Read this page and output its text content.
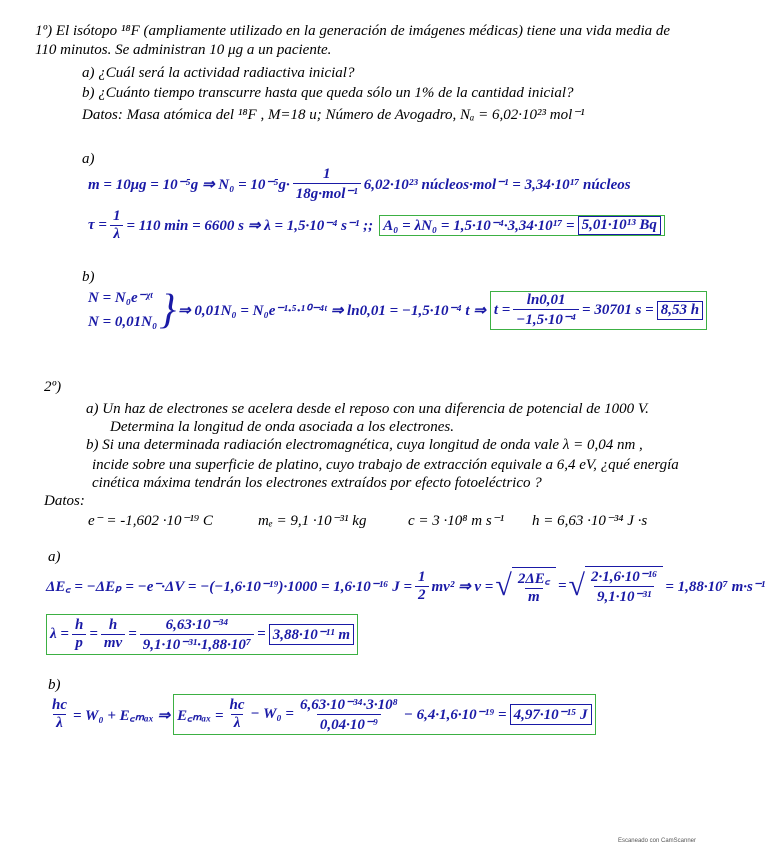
1º) El isótopo ¹⁸F (ampliamente utilizado en la generación de imágenes médicas) tiene una vida media de
110 minutos. Se administran 10 μg a un paciente.
a) ¿Cuál será la actividad radiactiva inicial?
b) ¿Cuánto tiempo transcurre hasta que queda sólo un 1% de la cantidad inicial?
Datos: Masa atómica del ¹⁸F , M=18 u; Número de Avogadro, Nₐ = 6,02·10²³ mol⁻¹
a)
m = 10μg = 10⁻⁵g ⇒ $N_0 = 10^{-5}g\cdot \frac{1}{\text{18g·mol⁻¹}} 6,02\cdot 10^{23}$ núcleos·mol⁻¹ = 3,34·10¹⁷ núcleos
$\tau = \frac{1}{\lambda} = 110$ min = 6600 s ⇒ λ = 1,5·10⁻⁴ s⁻¹ ;; A₀ = λN₀ = 1,5·10⁻⁴·3,34·10¹⁷ = 5,01·10¹³ Bq
b)
N = N₀e⁻ᵡᵗ
N = 0,01N₀ } ⇒ 0,01N₀ = N₀e⁻¹·⁵·¹⁰⁻⁴ᵗ ⇒ ln0,01 = −1,5·10⁻⁴ t ⇒ $t = \frac{\ln 0,01}{\text{−1,5·10⁻⁴}} = 30701$ s = 8,53 h
2º)
a) Un haz de electrones se acelera desde el reposo con una diferencia de potencial de 1000 V.
Determina la longitud de onda asociada a los electrones.
b) Si una determinada radiación electromagnética, cuya longitud de onda vale λ = 0,04 nm ,
incide sobre una superficie de platino, cuyo trabajo de extracción equivale a 6,4 eV, ¿qué energía
cinética máxima tendrán los electrones extraídos por efecto fotoeléctrico ?
Datos:
e⁻ = -1,602 ·10⁻¹⁹ C	mₑ = 9,1 ·10⁻³¹ kg	c = 3 ·10⁸ m s⁻¹ h = 6,63 ·10⁻³⁴ J ·s
a)
ΔE꜀ = −ΔEₚ = −e⁻·ΔV = −(−1,6·10⁻¹⁹)·1000 = 1,6·10⁻¹⁶ $J = \frac{1}{2} mv^2$ ⇒ v = √ $\frac{2\Delta E꜀}{m}$ = √ $\frac{\text{2·1,6·10⁻¹⁶}}{\text{9,1·10⁻³¹}} = 1,88\cdot 10^7$ m·s⁻¹
$\lambda = \frac{h}{p} = \frac{h}{mv} = \frac{\text{6,63·10⁻³⁴}}{\text{9,1·10⁻³¹·1,88·10⁷}} = 3,88\cdot 10^{-11}$ m
b)
$\frac{hc}{\lambda} = W_0$ + E꜀ₘₐₓ ⇒ E꜀ₘₐₓ = $\frac{hc}{\lambda} - W_0 = \frac{\text{6,63·10⁻³⁴·3·10⁸}}{\text{0,04·10⁻⁹}} - 6,4\cdot 1,6\cdot 10^{-19} = 4,97\cdot 10^{-15}$ J
Escaneado con CamScanner
